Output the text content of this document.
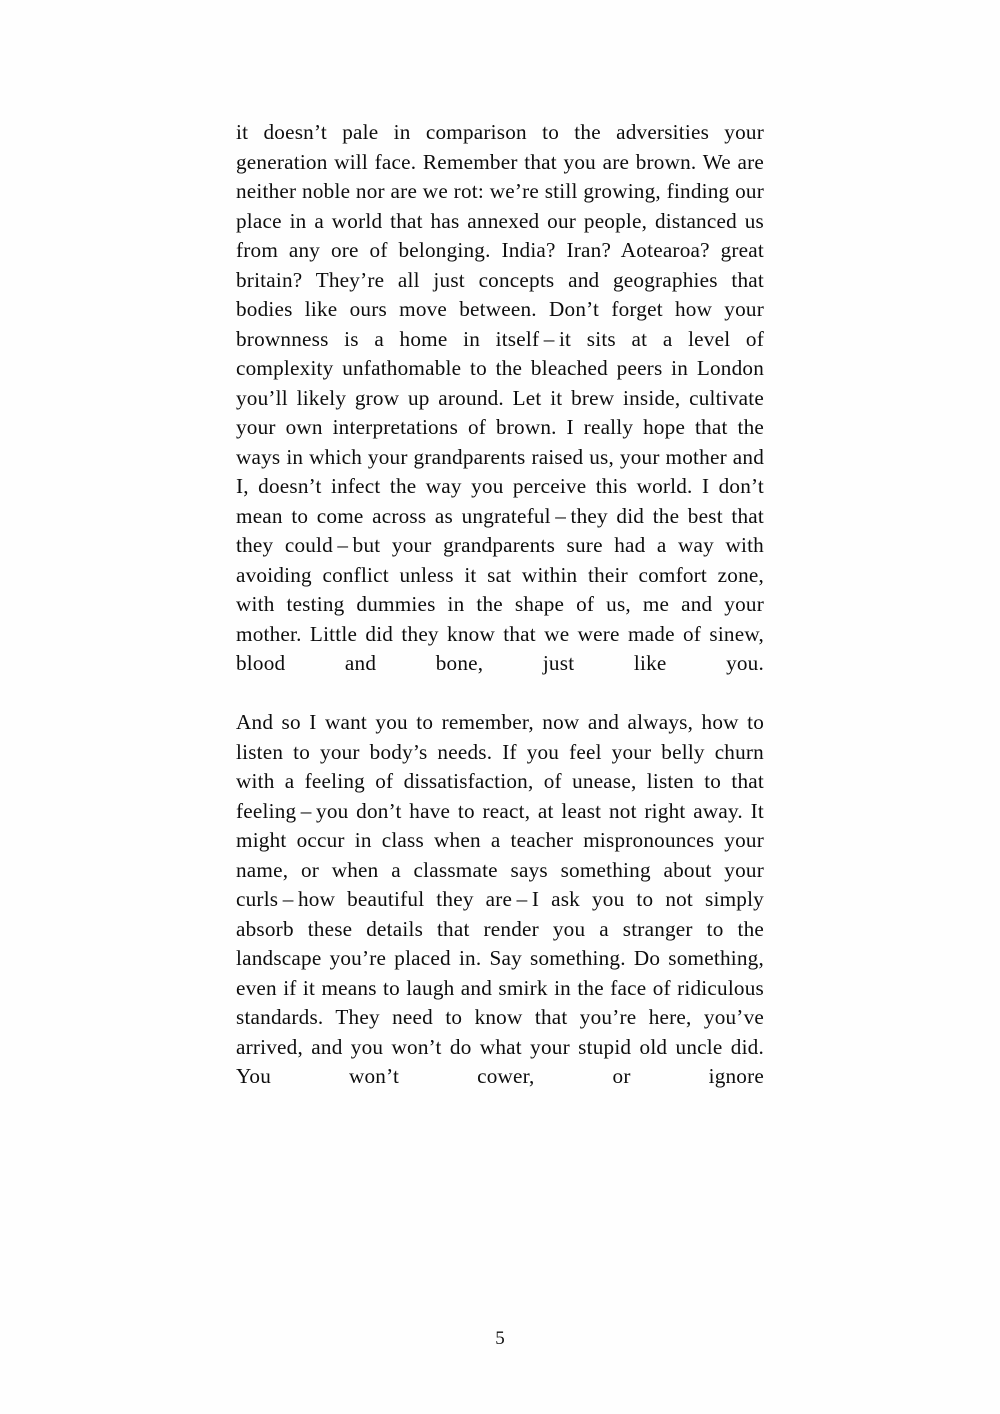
it doesn’t pale in comparison to the adversities your generation will face. Remember that you are brown. We are neither noble nor are we rot: we’re still growing, finding our place in a world that has annexed our people, distanced us from any ore of belonging. India? Iran? Aotearoa? great britain? They’re all just concepts and geographies that bodies like ours move between. Don’t forget how your brownness is a home in itself – it sits at a level of complexity unfathomable to the bleached peers in London you’ll likely grow up around. Let it brew inside, cultivate your own interpretations of brown. I really hope that the ways in which your grandparents raised us, your mother and I, doesn’t infect the way you perceive this world. I don’t mean to come across as ungrateful – they did the best that they could – but your grandparents sure had a way with avoiding conflict unless it sat within their comfort zone, with testing dummies in the shape of us, me and your mother. Little did they know that we were made of sinew, blood and bone, just like you.

And so I want you to remember, now and always, how to listen to your body’s needs. If you feel your belly churn with a feeling of dissatisfaction, of unease, listen to that feeling – you don’t have to react, at least not right away. It might occur in class when a teacher mispronounces your name, or when a classmate says something about your curls – how beautiful they are – I ask you to not simply absorb these details that render you a stranger to the landscape you’re placed in. Say something. Do something, even if it means to laugh and smirk in the face of ridiculous standards. They need to know that you’re here, you’ve arrived, and you won’t do what your stupid old uncle did. You won’t cower, or ignore

5
